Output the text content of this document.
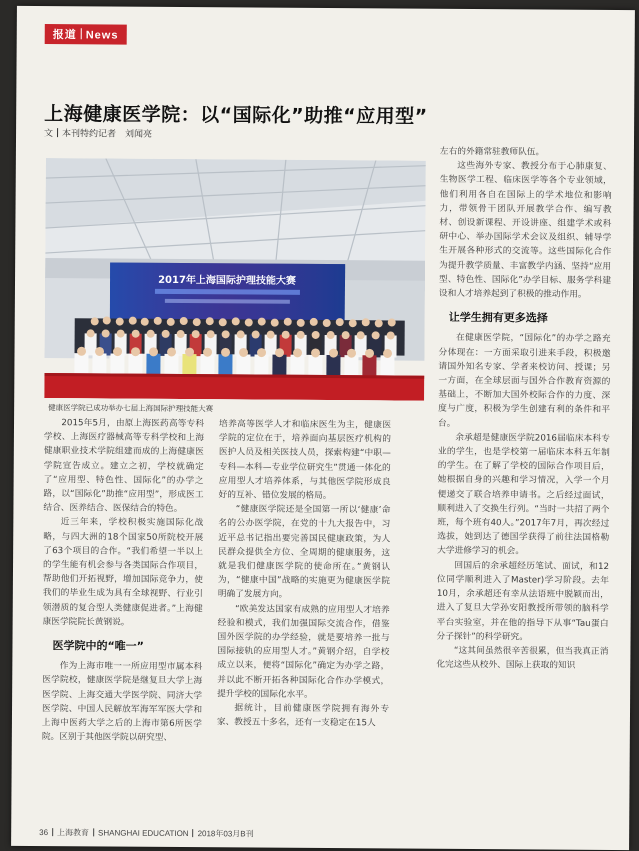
报道 News
上海健康医学院：以“国际化”助推“应用型”
文 本刊特约记者　刘闻亮
2017年上海国际护理技能大赛
健康医学院已成功举办七届上海国际护理技能大赛

2015年5月，由原上海医药高等专科学校、上海医疗器械高等专科学校和上海健康职业技术学院组建而成的上海健康医学院宣告成立。建立之初，学校就确定了“应用型、特色性、国际化”的办学之路，以“国际化”助推“应用型”，形成医工结合、医养结合、医保结合的特色。

近三年来，学校积极实施国际化战略，与四大洲的18个国家50所院校开展了63个项目的合作。“我们希望一半以上的学生能有机会参与各类国际合作项目，帮助他们开拓视野，增加国际竞争力，使我们的毕业生成为具有全球视野、行业引领潜质的复合型人类健康促进者。”上海健康医学院院长黄钢说。

医学院中的“唯一”

作为上海市唯一一所应用型市属本科医学院校，健康医学院是继复旦大学上海医学院、上海交通大学医学院、同济大学医学院、中国人民解放军海军军医大学和上海中医药大学之后的上海市第6所医学院。区别于其他医学院以研究型、

培养高等医学人才和临床医生为主，健康医学院的定位在于，培养面向基层医疗机构的医护人员及相关医技人员，探索构建“中职—专科—本科—专业学位研究生”贯通一体化的应用型人才培养体系，与其他医学院形成良好的互补、错位发展的格局。

“健康医学院还是全国第一所以‘健康’命名的公办医学院，在党的十九大报告中，习近平总书记指出要完善国民健康政策，为人民群众提供全方位、全周期的健康服务，这就是我们健康医学院的使命所在。”黄钢认为，“健康中国”战略的实施更为健康医学院明确了发展方向。

“欧美发达国家有成熟的应用型人才培养经验和模式，我们加强国际交流合作，借鉴国外医学院的办学经验，就是要培养一批与国际接轨的应用型人才。”黄钢介绍，自学校成立以来，便将“国际化”确定为办学之路，并以此不断开拓各种国际化合作办学模式，提升学校的国际化水平。

据统计，目前健康医学院拥有海外专家、教授五十多名，还有一支稳定在15人

左右的外籍常驻教师队伍。

这些海外专家、教授分布于心肺康复、生物医学工程、临床医学等各个专业领域，他们利用各自在国际上的学术地位和影响力，带领骨干团队开展教学合作、编写教材、创设新课程、开设讲座、组建学术或科研中心、举办国际学术会议及组织、辅导学生开展各种形式的交流等。这些国际化合作为提升教学质量、丰富教学内涵、坚持“应用型、特色性、国际化”办学目标、服务学科建设和人才培养起到了积极的推动作用。

让学生拥有更多选择

在健康医学院，“国际化”的办学之路充分体现在：一方面采取引进来手段，积极邀请国外知名专家、学者来校访问、授课；另一方面，在全球层面与国外合作教育资源的基础上，不断加大国外校际合作的力度、深度与广度，积极为学生创建有利的条件和平台。

余承超是健康医学院2016届临床本科专业的学生，也是学校第一届临床本科五年制的学生。在了解了学校的国际合作项目后，她根据自身的兴趣和学习情况，入学一个月便递交了联合培养申请书。之后经过面试，顺利进入了交换生行列。“当时一共招了两个班，每个班有40人。”2017年7月，再次经过选拔，她到达了德国学获得了前往法国格勒大学进修学习的机会。

回国后的余承超经历笔试、面试，和12位同学顺利进入了Master)学习阶段。去年10月，余承超还有幸从法语班中脱颖而出，进入了复旦大学孙安阳教授所带领的脑科学平台实验室，并在他的指导下从事“Tau蛋白分子探针”的科学研究。

“这其间虽然很辛苦很累，但当我真正消化完这些从校外、国际上获取的知识

36 上海教育 SHANGHAI EDUCATION 2018年03月B刊
